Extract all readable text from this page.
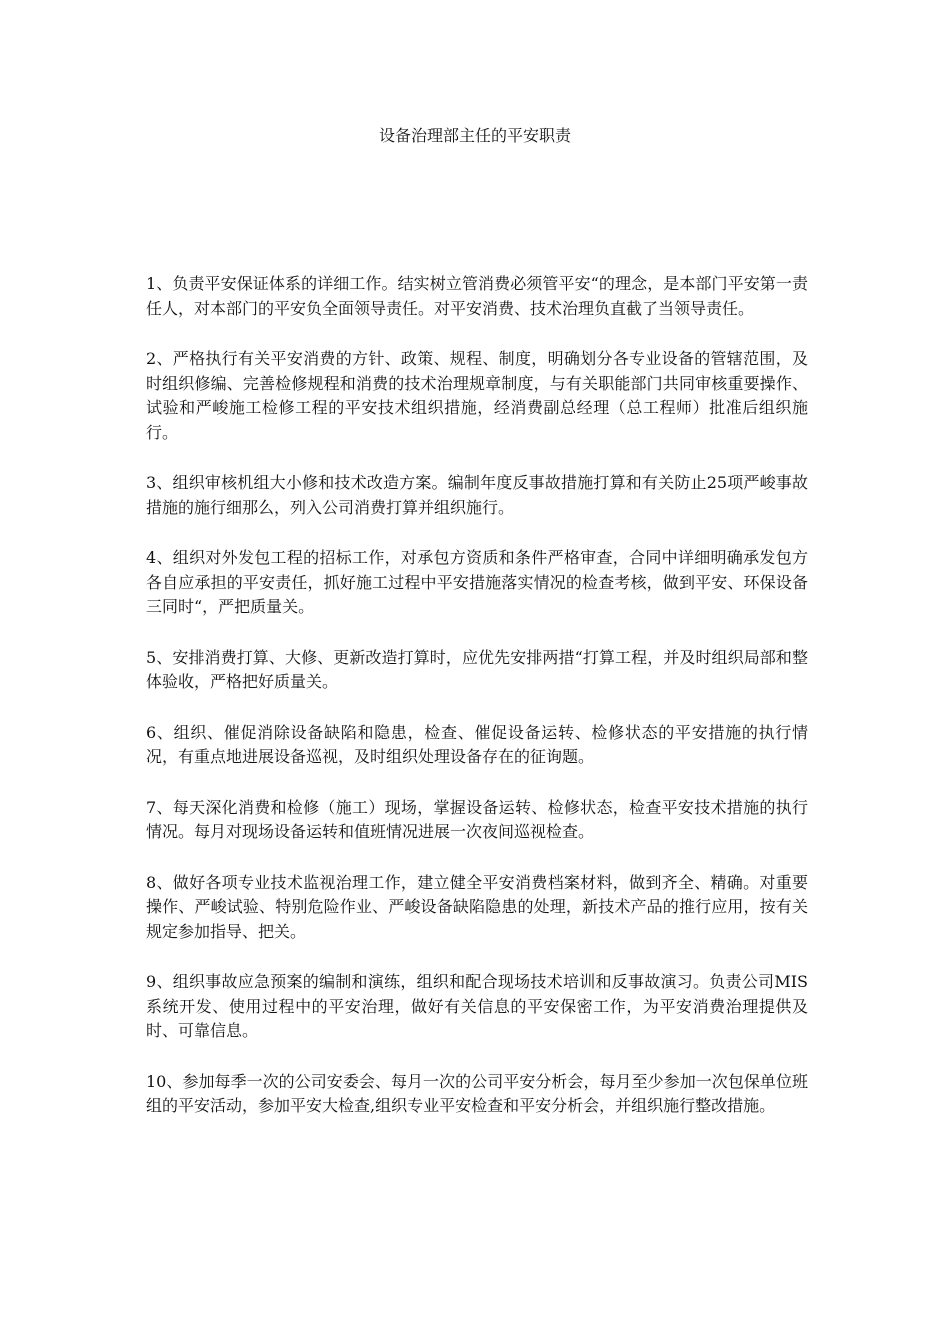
设备治理部主任的平安职责

1、负责平安保证体系的详细工作。结实树立管消费必须管平安“的理念，是本部门平安第一责任人，对本部门的平安负全面领导责任。对平安消费、技术治理负直截了当领导责任。

2、严格执行有关平安消费的方针、政策、规程、制度，明确划分各专业设备的管辖范围，及时组织修编、完善检修规程和消费的技术治理规章制度，与有关职能部门共同审核重要操作、试验和严峻施工检修工程的平安技术组织措施，经消费副总经理（总工程师）批准后组织施行。

3、组织审核机组大小修和技术改造方案。编制年度反事故措施打算和有关防止25项严峻事故措施的施行细那么，列入公司消费打算并组织施行。

4、组织对外发包工程的招标工作，对承包方资质和条件严格审查，合同中详细明确承发包方各自应承担的平安责任，抓好施工过程中平安措施落实情况的检查考核，做到平安、环保设备三同时“，严把质量关。

5、安排消费打算、大修、更新改造打算时，应优先安排两措“打算工程，并及时组织局部和整体验收，严格把好质量关。

6、组织、催促消除设备缺陷和隐患，检查、催促设备运转、检修状态的平安措施的执行情况，有重点地进展设备巡视，及时组织处理设备存在的征询题。

7、每天深化消费和检修（施工）现场，掌握设备运转、检修状态，检查平安技术措施的执行情况。每月对现场设备运转和值班情况进展一次夜间巡视检查。

8、做好各项专业技术监视治理工作，建立健全平安消费档案材料，做到齐全、精确。对重要操作、严峻试验、特别危险作业、严峻设备缺陷隐患的处理，新技术产品的推行应用，按有关规定参加指导、把关。

9、组织事故应急预案的编制和演练，组织和配合现场技术培训和反事故演习。负责公司MIS系统开发、使用过程中的平安治理，做好有关信息的平安保密工作，为平安消费治理提供及时、可靠信息。

10、参加每季一次的公司安委会、每月一次的公司平安分析会，每月至少参加一次包保单位班组的平安活动，参加平安大检查,组织专业平安检查和平安分析会，并组织施行整改措施。
